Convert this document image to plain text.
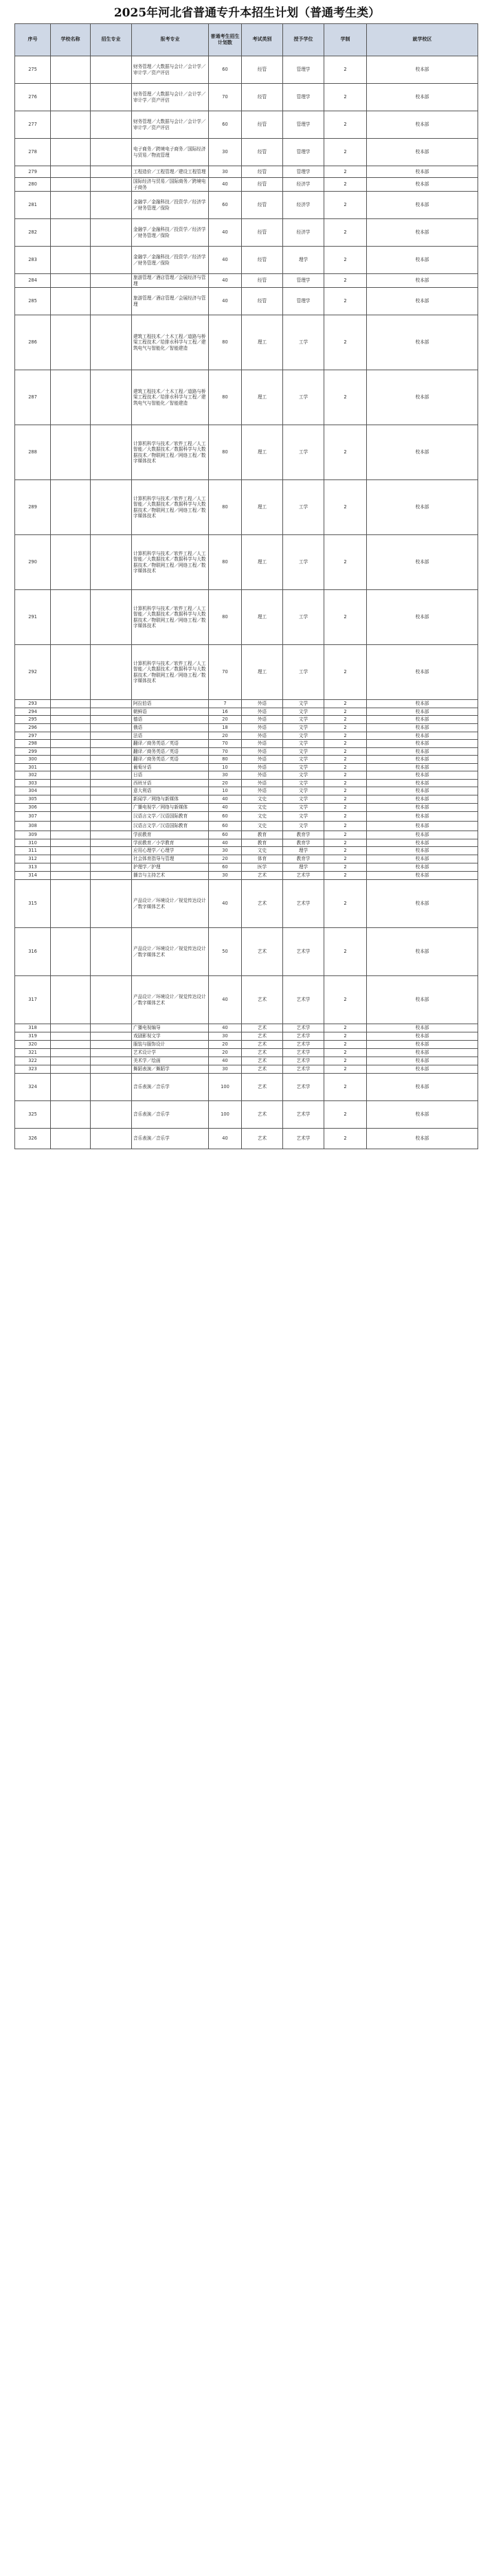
2025年河北省普通专升本招生计划（普通考生类）
序号	学校名称	招生专业	报考专业	普通考生招生计划数	考试类别	授予学位	学制	就学校区
275			财务管理／大数据与会计／会计学／审计学／资产评估	60	经管	管理学	2	校本部
276			财务管理／大数据与会计／会计学／审计学／资产评估	70	经管	管理学	2	校本部
277			财务管理／大数据与会计／会计学／审计学／资产评估	60	经管	管理学	2	校本部
278			电子商务／跨境电子商务／国际经济与贸易／物流管理	30	经管	管理学	2	校本部
279			工程造价／工程管理／建设工程管理	30	经管	管理学	2	校本部
280			国际经济与贸易／国际商务／跨境电子商务	40	经管	经济学	2	校本部
281			金融学／金融科技／投资学／经济学／财务管理／保险	60	经管	经济学	2	校本部
282			金融学／金融科技／投资学／经济学／财务管理／保险	40	经管	经济学	2	校本部
283			金融学／金融科技／投资学／经济学／财务管理／保险	40	经管	理学	2	校本部
284			旅游管理／酒店管理／会展经济与管理	40	经管	管理学	2	校本部
285			旅游管理／酒店管理／会展经济与管理	40	经管	管理学	2	校本部
286			建筑工程技术／土木工程／道路与桥梁工程技术／给排水科学与工程／建筑电气与智能化／智能建造	80	理工	工学	2	校本部
287			建筑工程技术／土木工程／道路与桥梁工程技术／给排水科学与工程／建筑电气与智能化／智能建造	80	理工	工学	2	校本部
288			计算机科学与技术／软件工程／人工智能／大数据技术／数据科学与大数据技术／物联网工程／网络工程／数字媒体技术	80	理工	工学	2	校本部
289			计算机科学与技术／软件工程／人工智能／大数据技术／数据科学与大数据技术／物联网工程／网络工程／数字媒体技术	80	理工	工学	2	校本部
290			计算机科学与技术／软件工程／人工智能／大数据技术／数据科学与大数据技术／物联网工程／网络工程／数字媒体技术	80	理工	工学	2	校本部
291			计算机科学与技术／软件工程／人工智能／大数据技术／数据科学与大数据技术／物联网工程／网络工程／数字媒体技术	80	理工	工学	2	校本部
292			计算机科学与技术／软件工程／人工智能／大数据技术／数据科学与大数据技术／物联网工程／网络工程／数字媒体技术	70	理工	工学	2	校本部
293			阿拉伯语	7	外语	文学	2	校本部
294			朝鲜语	16	外语	文学	2	校本部
295			德语	20	外语	文学	2	校本部
296			俄语	18	外语	文学	2	校本部
297			法语	20	外语	文学	2	校本部
298			翻译／商务英语／英语	70	外语	文学	2	校本部
299			翻译／商务英语／英语	70	外语	文学	2	校本部
300			翻译／商务英语／英语	80	外语	文学	2	校本部
301			葡萄牙语	10	外语	文学	2	校本部
302			日语	30	外语	文学	2	校本部
303			西班牙语	20	外语	文学	2	校本部
304			意大利语	10	外语	文学	2	校本部
305			新闻学／网络与新媒体	40	文史	文学	2	校本部
306			广播电视学／网络与新媒体	40	文史	文学	2	校本部
307			汉语言文学／汉语国际教育	60	文史	文学	2	校本部
308			汉语言文学／汉语国际教育	60	文史	文学	2	校本部
309			学前教育	60	教育	教育学	2	校本部
310			学前教育／小学教育	40	教育	教育学	2	校本部
311			应用心理学／心理学	30	文史	理学	2	校本部
312			社会体育指导与管理	20	体育	教育学	2	校本部
313			护理学／护理	60	医学	理学	2	校本部
314			播音与主持艺术	30	艺术	艺术学	2	校本部
315			产品设计／环境设计／视觉传达设计／数字媒体艺术	40	艺术	艺术学	2	校本部
316			产品设计／环境设计／视觉传达设计／数字媒体艺术	50	艺术	艺术学	2	校本部
317			产品设计／环境设计／视觉传达设计／数字媒体艺术	40	艺术	艺术学	2	校本部
318			广播电视编导	40	艺术	艺术学	2	校本部
319			戏剧影视文学	30	艺术	艺术学	2	校本部
320			服装与服饰设计	20	艺术	艺术学	2	校本部
321			艺术设计学	20	艺术	艺术学	2	校本部
322			美术学／绘画	40	艺术	艺术学	2	校本部
323			舞蹈表演／舞蹈学	30	艺术	艺术学	2	校本部
324			音乐表演／音乐学	100	艺术	艺术学	2	校本部
325			音乐表演／音乐学	100	艺术	艺术学	2	校本部
326			音乐表演／音乐学	40	艺术	艺术学	2	校本部
